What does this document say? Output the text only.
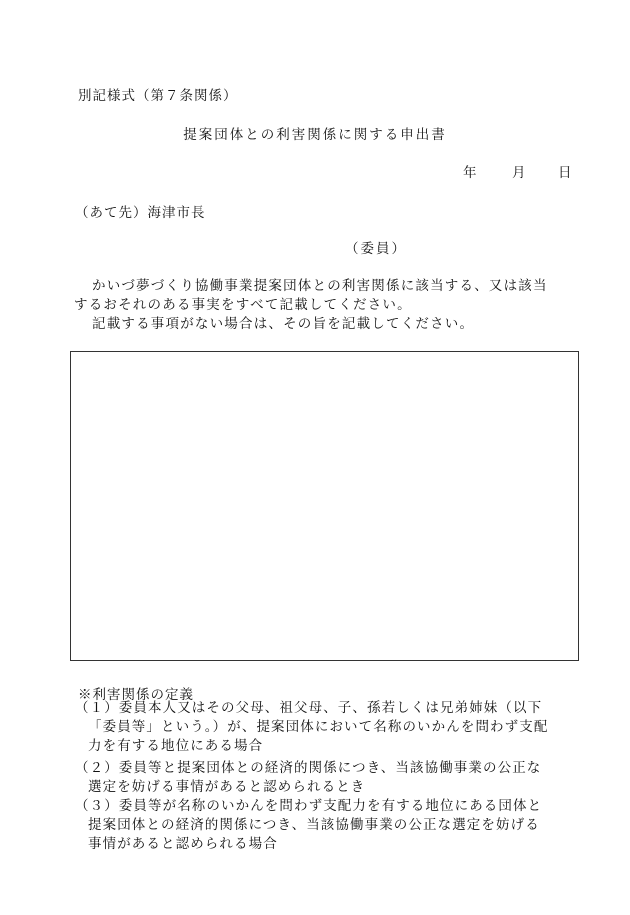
別記様式（第７条関係）
提案団体との利害関係に関する申出書
年	月 日
（あて先）海津市長
（委員）
かいづ夢づくり協働事業提案団体との利害関係に該当する、又は該当
するおそれのある事実をすべて記載してください。
記載する事項がない場合は、その旨を記載してください。
※利害関係の定義
（１）委員本人又はその父母、祖父母、子、孫若しくは兄弟姉妹（以下
「委員等」という。）が、提案団体において名称のいかんを問わず支配
力を有する地位にある場合
（２）委員等と提案団体との経済的関係につき、当該協働事業の公正な
選定を妨げる事情があると認められるとき
（３）委員等が名称のいかんを問わず支配力を有する地位にある団体と
提案団体との経済的関係につき、当該協働事業の公正な選定を妨げる
事情があると認められる場合
